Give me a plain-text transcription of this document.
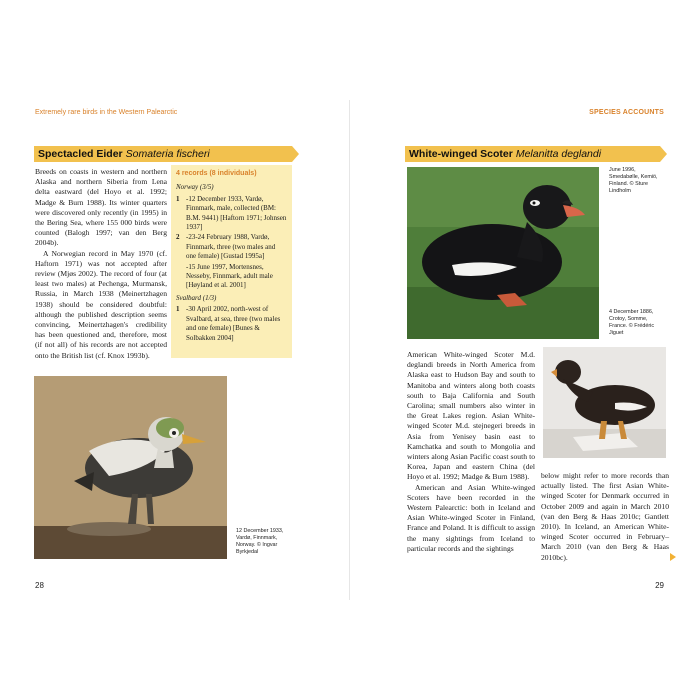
Extremely rare birds in the Western Palearctic	SPECIES ACCOUNTS
Spectacled Eider Somateria fischeri

Breeds on coasts in western and northern Alaska and northern Siberia from Lena delta eastward (del Hoyo et al. 1992; Madge & Burn 1988). Its winter quarters were discovered only recently (in 1995) in the Bering Sea, where 155 000 birds were counted (Balogh 1997; van den Berg 2004b).

A Norwegian record in May 1970 (cf. Haftorn 1971) was not accepted after review (Mjøs 2002). The record of four (at least two males) at Pechenga, Murmansk, Russia, in March 1938 (Meinertzhagen 1938) should be considered doubtful: although the published description seems convincing, Meinertzhagen's credibility has been questioned and, therefore, most (if not all) of his records are not accepted onto the British list (cf. Knox 1993b).

4 records (8 individuals)
Norway (3/5)
1 -12 December 1933, Vardø, Finnmark, male, collected (BM: B.M. 9441) [Haftorn 1971; Johnsen 1937]
2 -23-24 February 1988, Vardø, Finnmark, three (two males and one female) [Gustad 1995a]
-15 June 1997, Mortensnes, Nesseby, Finnmark, adult male [Høyland et al. 2001]
Svalbard (1/3)
1 -30 April 2002, north-west of Svalbard, at sea, three (two males and one female) [Bunes & Solbakken 2004]
12 December 1933, Vardø, Finnmark, Norway. © Ingvar Byrkjedal
28
White-winged Scoter Melanitta deglandi
June 1996, Smedabølle, Kemiö, Finland. © Sture Lindholm
4 December 1886, Crotoy, Somme, France. © Frédéric Jiguet

American White-winged Scoter M.d. deglandi breeds in North America from Alaska east to Hudson Bay and south to Manitoba and winters along both coasts south to Baja California and South Carolina; small numbers also winter in the Great Lakes region. Asian White-winged Scoter M.d. stejnegeri breeds in Asia from Yenisey basin east to Kamchatka and south to Mongolia and winters along Asian Pacific coast south to Korea, Japan and eastern China (del Hoyo et al. 1992; Madge & Burn 1988).

American and Asian White-winged Scoters have been recorded in the Western Palearctic: both in Iceland and Asian White-winged Scoter in Finland, France and Poland. It is difficult to assign the many sightings from Iceland to particular records and the sightings

below might refer to more records than actually listed. The first Asian White-winged Scoter for Denmark occurred in October 2009 and again in March 2010 (van den Berg & Haas 2010c; Gantlett 2010). In Iceland, an American White-winged Scoter occurred in February–March 2010 (van den Berg & Haas 2010bc).

29
